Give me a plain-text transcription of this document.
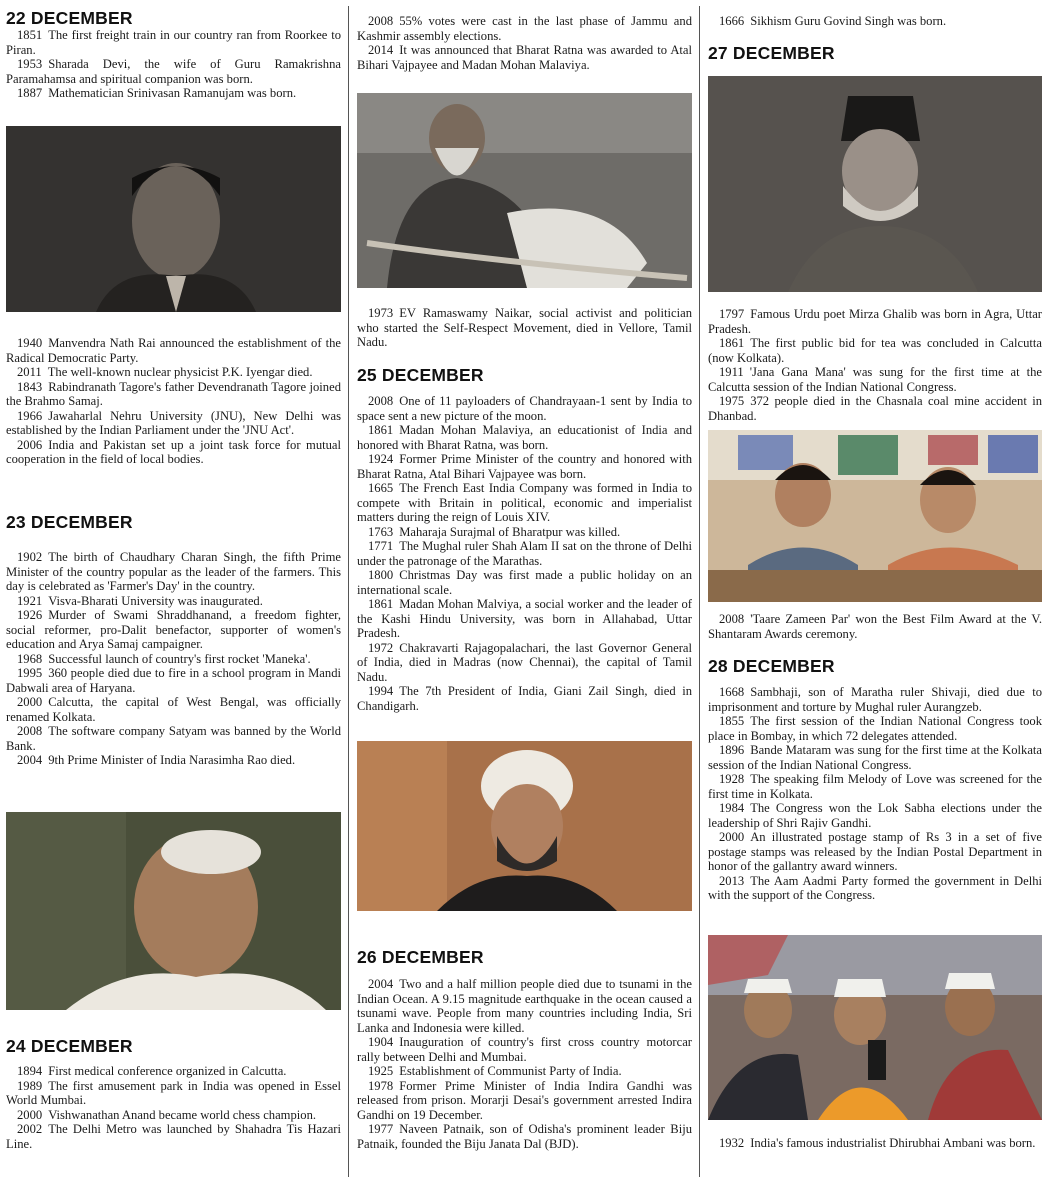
22 DECEMBER

1851 The first freight train in our country ran from Roorkee to Piran.

1953 Sharada Devi, the wife of Guru Ramakrishna Paramahamsa and spiritual companion was born.

1887 Mathematician Srinivasan Ramanujam was born.

1940 Manvendra Nath Rai announced the establishment of the Radical Democratic Party.

2011 The well-known nuclear physicist P.K. Iyengar died.

1843 Rabindranath Tagore's father Devendranath Tagore joined the Brahmo Samaj.

1966 Jawaharlal Nehru University (JNU), New Delhi was established by the Indian Parliament under the 'JNU Act'.

2006 India and Pakistan set up a joint task force for mutual cooperation in the field of local bodies.

23 DECEMBER

1902 The birth of Chaudhary Charan Singh, the fifth Prime Minister of the country popular as the leader of the farmers. This day is celebrated as 'Farmer's Day' in the country.

1921 Visva-Bharati University was inaugurated.

1926 Murder of Swami Shraddhanand, a freedom fighter, social reformer, pro-Dalit benefactor, supporter of women's education and Arya Samaj campaigner.

1968 Successful launch of country's first rocket 'Maneka'.

1995 360 people died due to fire in a school program in Mandi Dabwali area of Haryana.

2000 Calcutta, the capital of West Bengal, was officially renamed Kolkata.

2008 The software company Satyam was banned by the World Bank.

2004 9th Prime Minister of India Narasimha Rao died.

24 DECEMBER

1894 First medical conference organized in Calcutta.

1989 The first amusement park in India was opened in Essel World Mumbai.

2000 Vishwanathan Anand became world chess champion.

2002 The Delhi Metro was launched by Shahadra Tis Hazari Line.

2008 55% votes were cast in the last phase of Jammu and Kashmir assembly elections.

2014 It was announced that Bharat Ratna was awarded to Atal Bihari Vajpayee and Madan Mohan Malaviya.

1973 EV Ramaswamy Naikar, social activist and politician who started the Self-Respect Movement, died in Vellore, Tamil Nadu.

25 DECEMBER

2008 One of 11 payloaders of Chandrayaan-1 sent by India to space sent a new picture of the moon.

1861 Madan Mohan Malaviya, an educationist of India and honored with Bharat Ratna, was born.

1924 Former Prime Minister of the country and honored with Bharat Ratna, Atal Bihari Vajpayee was born.

1665 The French East India Company was formed in India to compete with Britain in political, economic and imperialist matters during the reign of Louis XIV.

1763 Maharaja Surajmal of Bharatpur was killed.

1771 The Mughal ruler Shah Alam II sat on the throne of Delhi under the patronage of the Marathas.

1800 Christmas Day was first made a public holiday on an international scale.

1861 Madan Mohan Malviya, a social worker and the leader of the Kashi Hindu University, was born in Allahabad, Uttar Pradesh.

1972 Chakravarti Rajagopalachari, the last Governor General of India, died in Madras (now Chennai), the capital of Tamil Nadu.

1994 The 7th President of India, Giani Zail Singh, died in Chandigarh.

26 DECEMBER

2004 Two and a half million people died due to tsunami in the Indian Ocean. A 9.15 magnitude earthquake in the ocean caused a tsunami wave. People from many countries including India, Sri Lanka and Indonesia were killed.

1904 Inauguration of country's first cross country motorcar rally between Delhi and Mumbai.

1925 Establishment of Communist Party of India.

1978 Former Prime Minister of India Indira Gandhi was released from prison. Morarji Desai's government arrested Indira Gandhi on 19 December.

1977 Naveen Patnaik, son of Odisha's prominent leader Biju Patnaik, founded the Biju Janata Dal (BJD).

1666 Sikhism Guru Govind Singh was born.

27 DECEMBER

1797 Famous Urdu poet Mirza Ghalib was born in Agra, Uttar Pradesh.

1861 The first public bid for tea was concluded in Calcutta (now Kolkata).

1911 'Jana Gana Mana' was sung for the first time at the Calcutta session of the Indian National Congress.

1975 372 people died in the Chasnala coal mine accident in Dhanbad.

2008 'Taare Zameen Par' won the Best Film Award at the V. Shantaram Awards ceremony.

28 DECEMBER

1668 Sambhaji, son of Maratha ruler Shivaji, died due to imprisonment and torture by Mughal ruler Aurangzeb.

1855 The first session of the Indian National Congress took place in Bombay, in which 72 delegates attended.

1896 Bande Mataram was sung for the first time at the Kolkata session of the Indian National Congress.

1928 The speaking film Melody of Love was screened for the first time in Kolkata.

1984 The Congress won the Lok Sabha elections under the leadership of Shri Rajiv Gandhi.

2000 An illustrated postage stamp of Rs 3 in a set of five postage stamps was released by the Indian Postal Department in honor of the gallantry award winners.

2013 The Aam Aadmi Party formed the government in Delhi with the support of the Congress.

1932 India's famous industrialist Dhirubhai Ambani was born.
